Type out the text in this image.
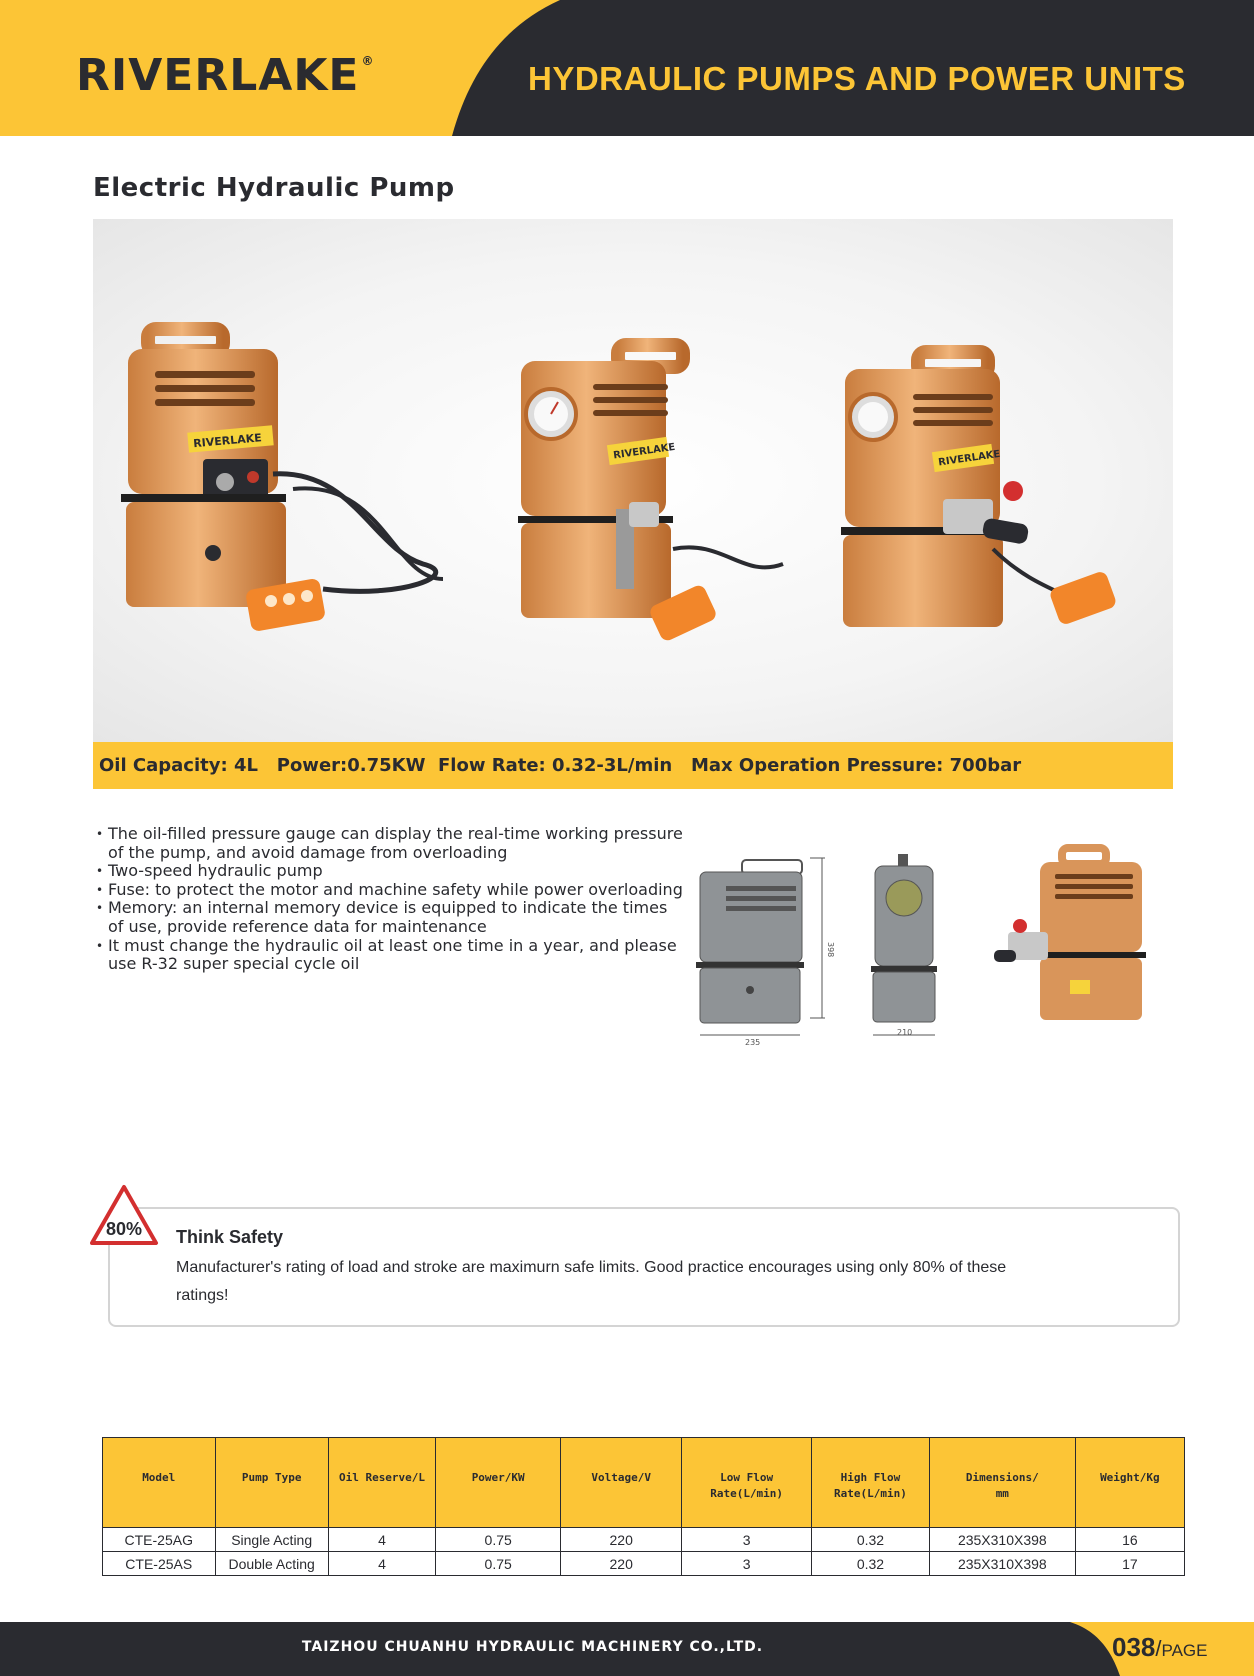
RIVERLAKE ®	HYDRAULIC PUMPS AND POWER UNITS
Electric Hydraulic Pump
RIVERLAKE
RIVERLAKE	RIVERLAKE
Oil Capacity: 4L
Power:0.75KW
Flow Rate: 0.32-3L/min
Max Operation Pressure: 700bar
• The oil-filled pressure gauge can display the real-time working pressure of the pump, and avoid damage from overloading
• Two-speed hydraulic pump
• Fuse: to protect the motor and machine safety while power overloading
• Memory: an internal memory device is equipped to indicate the times of use, provide reference data for maintenance
• It must change the hydraulic oil at least one time in a year, and please use R-32 super special cycle oil
398
235
210
80% Think Safety
Manufacturer's rating of load and stroke are maximurn safe limits. Good practice encourages using only 80% of these ratings!
Model	Pump Type	Oil Reserve/L	Power/KW	Voltage/V	Low Flow Rate(L/min)	High Flow Rate(L/min)	Dimensions/ mm	Weight/Kg
CTE-25AG	Single Acting	4	0.75	220	3	0.32	235X310X398	16
CTE-25AS	Double Acting	4	0.75	220	3	0.32	235X310X398	17
TAIZHOU CHUANHU HYDRAULIC MACHINERY CO.,LTD.	038/PAGE
